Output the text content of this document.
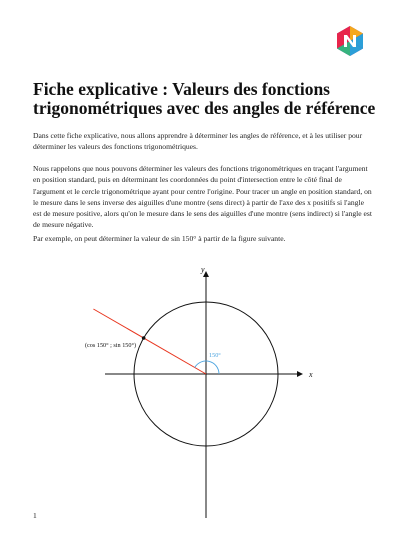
Fiche explicative : Valeurs des fonctions trigonométriques avec des angles de référence

Dans cette fiche explicative, nous allons apprendre à déterminer les angles de référence, et à les utiliser pour déterminer les valeurs des fonctions trigonométriques.

Nous rappelons que nous pouvons déterminer les valeurs des fonctions trigonométriques en traçant l'argument en position standard, puis en déterminant les coordonnées du point d'intersection entre le côté final de l'argument et le cercle trigonométrique ayant pour centre l'origine. Pour tracer un angle en position standard, on le mesure dans le sens inverse des aiguilles d'une montre (sens direct) à partir de l'axe des x positifs si l'angle est de mesure positive, alors qu'on le mesure dans le sens des aiguilles d'une montre (sens indirect) si l'angle est de mesure négative.

Par exemple, on peut déterminer la valeur de sin 150° à partir de la figure suivante.

y
x
(cos 150° ; sin 150°)
150°
1
